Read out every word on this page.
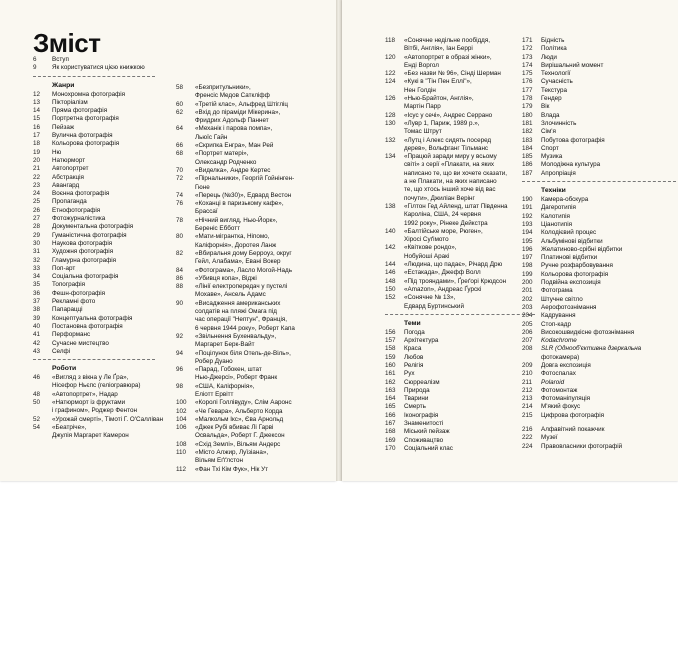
Зміст
6	Вступ
9	Як користуватися цією книжкою
Жанри
12	Монохромна фотографія
13	Пікторіалізм
14	Пряма фотографія
15	Портретна фотографія
16	Пейзаж
17	Вулична фотографія
18	Кольорова фотографія
19	Ню
20	Натюрморт
21	Автопортрет
22	Абстракція
23	Авангард
24	Воєнна фотографія
25	Пропаганда
26	Етнофотографія
27	Фотожурналістика
28	Документальна фотографія
29	Гуманістична фотографія
30	Наукова фотографія
31	Художня фотографія
32	Гламурна фотографія
33	Поп-арт
34	Соціальна фотографія
35	Топографія
36	Фешн-фотографія
37	Рекламні фото
38	Папарацці
39	Концептуальна фотографія
40	Постановна фотографія
41	Перформанс
42	Сучасне мистецтво
43	Селфі
Роботи
46	«Вигляд з вікна у Ле Ґра»,
Нісефор Ньєпс (геліогравюра)
48	«Автопортрет», Надар
50	«Натюрморт із фруктами
і графином», Роджер Фентон
52	«Урожай смерті», Тімоті Г. О'Салліван
54	«Беатріче»,
Джулія Маргарет Камерон
58	«Безпритульники»,
Френсіс Медов Саткліфф
60	«Третій клас», Альфред Штігліц
62	«Вхід до піраміди Мікерина»,
Фридрих Адольф Паннет
64	«Механік і парова помпа»,
Льюїс Гайн
66	«Скрипка Енгра», Ман Рей
68	«Портрет матері»,
Олександр Родченко
70	«Виделка», Андре Кертес
72	«Пірнальники», Георгій Гойнінген-
Гюне
74	«Перець (№30)», Едвард Вестон
76	«Коханці в паризькому кафе»,
Брассаї
78	«Нічний вигляд, Нью-Йорк»,
Береніс Ебботт
80	«Мати-мігрантка, Ніпомо,
Каліфорнія», Доротея Ланж
82	«Вбиральня дому Берроуз, округ
Гейл, Алабама», Евані Вокер
84	«Фотограма», Ласло Могой-Надь
86	«Убивця копа», Віджі
88	«Лінії електропередач у пустелі
Мохаве», Ансель Адамс
90	«Висадження американських
солдатів на пляжі Омага під
час операції "Нептун", Франція,
6 червня 1944 року», Роберт Капа
92	«Звільнення Бухенвальду»,
Маргарет Берк-Вайт
94	«Поцілунок біля Отель-де-Віль»,
Робер Дуано
96	«Парад, Гобокен, штат
Нью-Джерсі», Роберт Франк
98	«США, Каліфорнія»,
Еліотт Ервітт
100	«Королі Голлівуду», Слім Ааронс
102	«Че Гевара», Альберто Корда
104	«Малкольм Ікс», Єва Арнольд
106	«Джек Рубі вбиває Лі Гарві
Освальда», Роберт Г. Джексон
108	«Схід Землі», Вільям Андерс
110	«Місто Алжир, Луїзіана»,
Вільям Еґґлстон
112	«Фан Тхі Кім Фук», Нік Ут
118	«Сонячне недільне пообіддя,
Вітбі, Англія», Іан Беррі
120	«Автопортрет в образі жінки»,
Енді Воргол
122	«Без назви № 96», Сінді Шерман
124	«Кукі в "Тін Пен Еллі"»,
Нен Голдін
126	«Нью-Брайтон, Англія»,
Мартін Парр
128	«Ісус у сечі», Андрес Серрано
130	«Лувр 1, Париж, 1989 р.»,
Томас Штрут
132	«Лутц і Алекс сидять посеред
дерев», Вольфганг Тільманс
134	«Працюй заради миру у всьому
світі» з серії «Плакати, на яких
написано те, що ви хочете сказати,
а не Плакати, на яких написано
те, що хтось інший хоче від вас
почути», Джиліан Верінг
138	«Гілтон Гед Айленд, штат Південна
Кароліна, США, 24 червня
1992 року», Рінеке Дейкстра
140	«Балтійське море, Рюген»,
Хіросі Суґімото
142	«Квіткове рондо»,
Нобуйоші Аракі
144	«Людина, що падає», Річард Дрю
146	«Естакада», Джефф Волл
148	«Під трояндами», Ґреґорі Крюдсон
150	«Amazon», Андреас Ґурскі
152	«Сонячне № 13»,
Едвард Буртинський
Теми
156	Погода
157	Архітектура
158	Краса
159	Любов
160	Релігія
161	Рух
162	Сюрреалізм
163	Природа
164	Тварини
165	Смерть
166	Іконографія
167	Знаменитості
168	Міський пейзаж
169	Споживацтво
170	Соціальний клас
171	Бідність
172	Політика
173	Люди
174	Вирішальний момент
175	Технології
176	Сучасність
177	Текстура
178	Гендер
179	Вік
180	Влада
181	Злочинність
182	Сім'я
183	Побутова фотографія
184	Спорт
185	Музика
186	Молодіжна культура
187	Апропріація
Техніки
190	Камера-обскура
191	Дагеротипія
192	Калотипія
193	Ціанотипія
194	Колодієвий процес
195	Альбумінові відбитки
196	Желатиново-срібні відбитки
197	Платинові відбитки
198	Ручне розфарбовування
199	Кольорова фотографія
200	Подвійна експозиція
201	Фотограма
202	Штучне світло
203	Аерофотознімання
204	Кадрування
205	Стоп-кадр
206	Високошвидкісне фотознімання
207	Kodachrome
208	SLR (Однооб'єктивна дзеркальна
фотокамера)
209	Довга експозиція
210	Фотоспалах
211	Polaroid
212	Фотомонтаж
213	Фотоманіпуляція
214	М'який фокус
215	Цифрова фотографія
216	Алфавітний покажчик
222	Музеї
224	Правовласники фотографій
